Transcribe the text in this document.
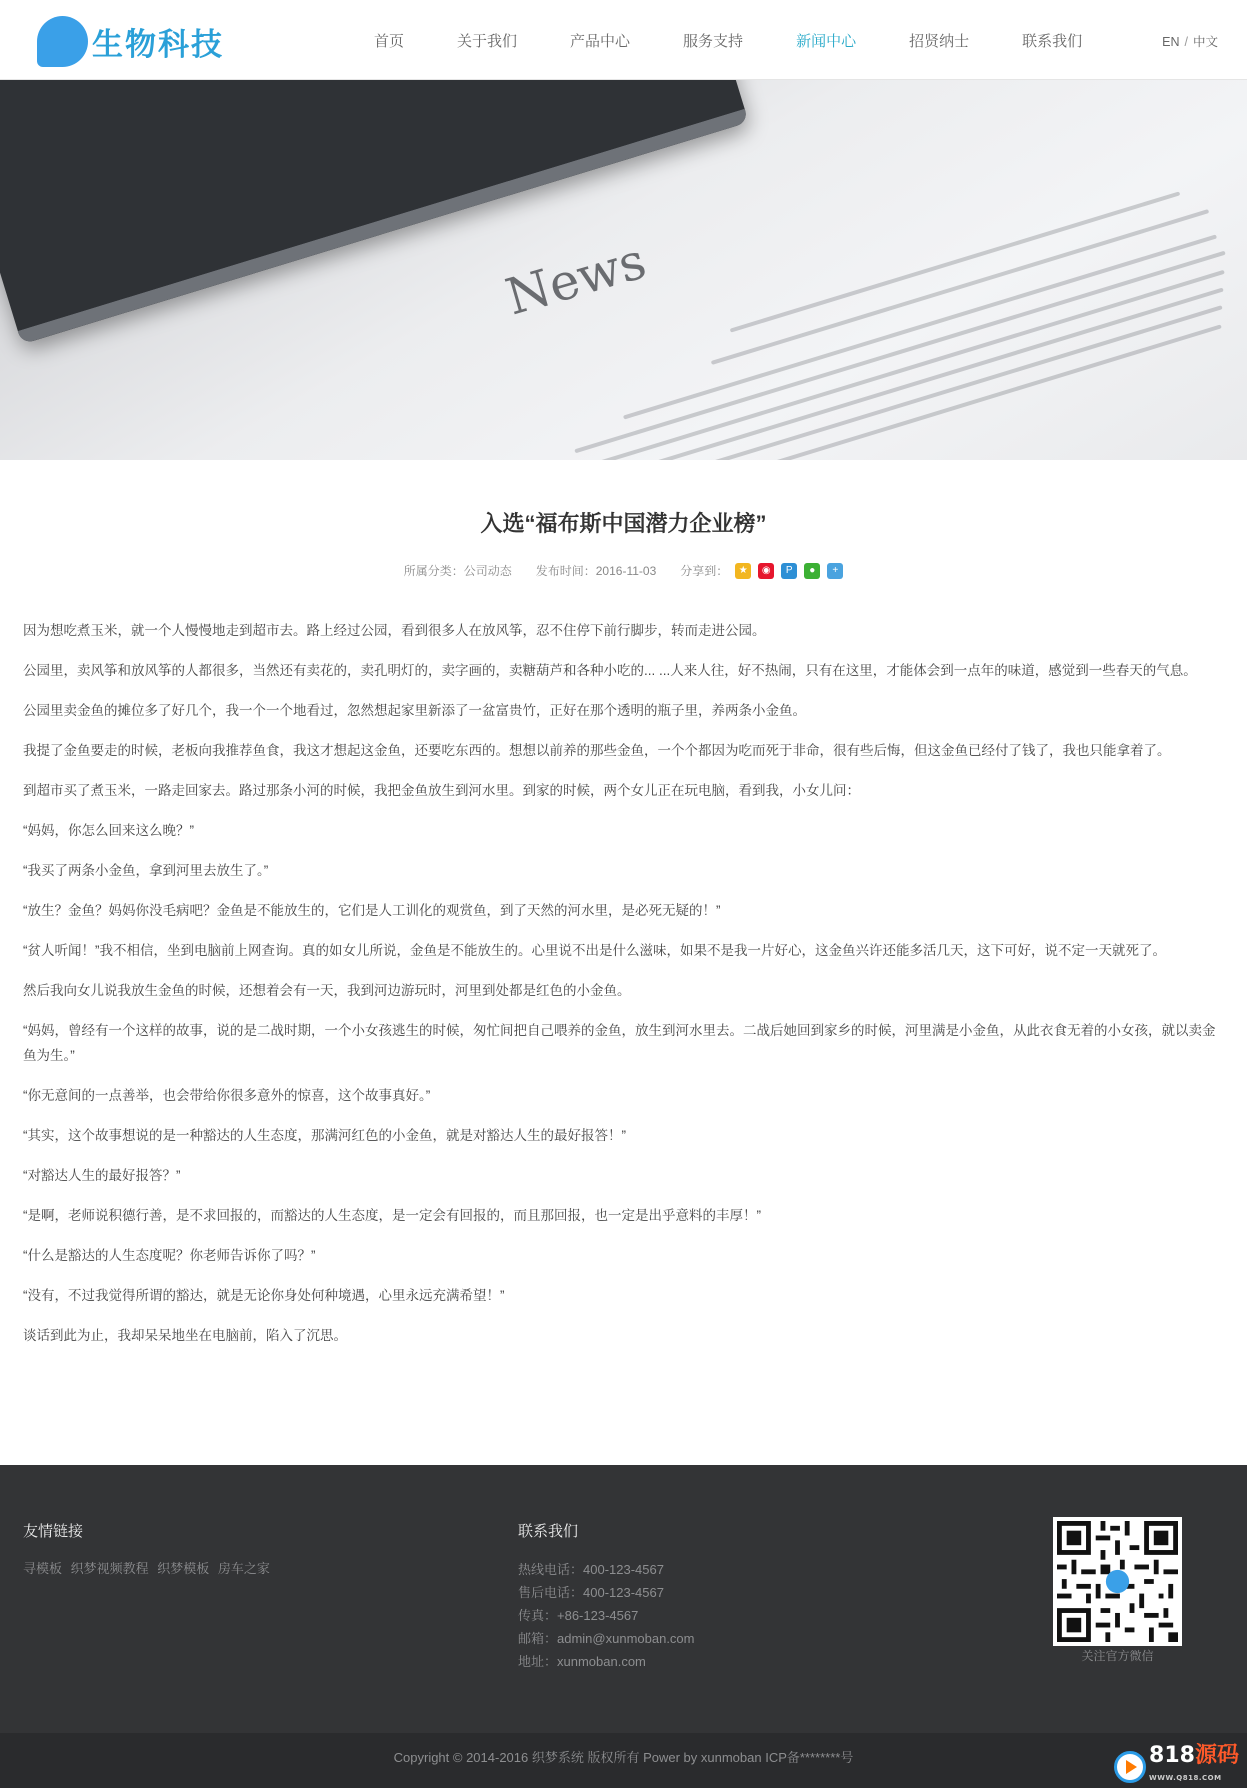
生物科技	首页	关于我们	产品中心	服务支持	新闻中心	招贤纳士	联系我们	EN / 中文
News
入选“福布斯中国潜力企业榜”
所属分类：公司动态 发布时间：2016-11-03 分享到：	★	◉	P	●	+

因为想吃煮玉米，就一个人慢慢地走到超市去。路上经过公园，看到很多人在放风筝，忍不住停下前行脚步，转而走进公园。

公园里，卖风筝和放风筝的人都很多，当然还有卖花的，卖孔明灯的，卖字画的，卖糖葫芦和各种小吃的... ...人来人往，好不热闹，只有在这里，才能体会到一点年的味道，感觉到一些春天的气息。

公园里卖金鱼的摊位多了好几个，我一个一个地看过，忽然想起家里新添了一盆富贵竹，正好在那个透明的瓶子里，养两条小金鱼。

我提了金鱼要走的时候，老板向我推荐鱼食，我这才想起这金鱼，还要吃东西的。想想以前养的那些金鱼，一个个都因为吃而死于非命，很有些后悔，但这金鱼已经付了钱了，我也只能拿着了。

到超市买了煮玉米，一路走回家去。路过那条小河的时候，我把金鱼放生到河水里。到家的时候，两个女儿正在玩电脑，看到我，小女儿问：

“妈妈，你怎么回来这么晚？”

“我买了两条小金鱼，拿到河里去放生了。”

“放生？金鱼？妈妈你没毛病吧？金鱼是不能放生的，它们是人工训化的观赏鱼，到了天然的河水里，是必死无疑的！”

“贫人听闻！”我不相信，坐到电脑前上网查询。真的如女儿所说，金鱼是不能放生的。心里说不出是什么滋味，如果不是我一片好心，这金鱼兴许还能多活几天，这下可好，说不定一天就死了。

然后我向女儿说我放生金鱼的时候，还想着会有一天，我到河边游玩时，河里到处都是红色的小金鱼。

“妈妈，曾经有一个这样的故事，说的是二战时期，一个小女孩逃生的时候，匆忙间把自己喂养的金鱼，放生到河水里去。二战后她回到家乡的时候，河里满是小金鱼，从此衣食无着的小女孩，就以卖金鱼为生。”

“你无意间的一点善举，也会带给你很多意外的惊喜，这个故事真好。”

“其实，这个故事想说的是一种豁达的人生态度，那满河红色的小金鱼，就是对豁达人生的最好报答！”

“对豁达人生的最好报答？”

“是啊，老师说积德行善，是不求回报的，而豁达的人生态度，是一定会有回报的，而且那回报，也一定是出乎意料的丰厚！”

“什么是豁达的人生态度呢？你老师告诉你了吗？”

“没有，不过我觉得所谓的豁达，就是无论你身处何种境遇，心里永远充满希望！”

谈话到此为止，我却呆呆地坐在电脑前，陷入了沉思。

友情链接
寻模板 织梦视频教程 织梦模板 房车之家
联系我们
热线电话：400-123-4567
售后电话：400-123-4567
传真：+86-123-4567
邮箱：admin@xunmoban.com
地址：xunmoban.com	关注官方微信
Copyright © 2014-2016 织梦系统 版权所有 Power by xunmoban ICP备********号	818源码
WWW.Q818.COM
